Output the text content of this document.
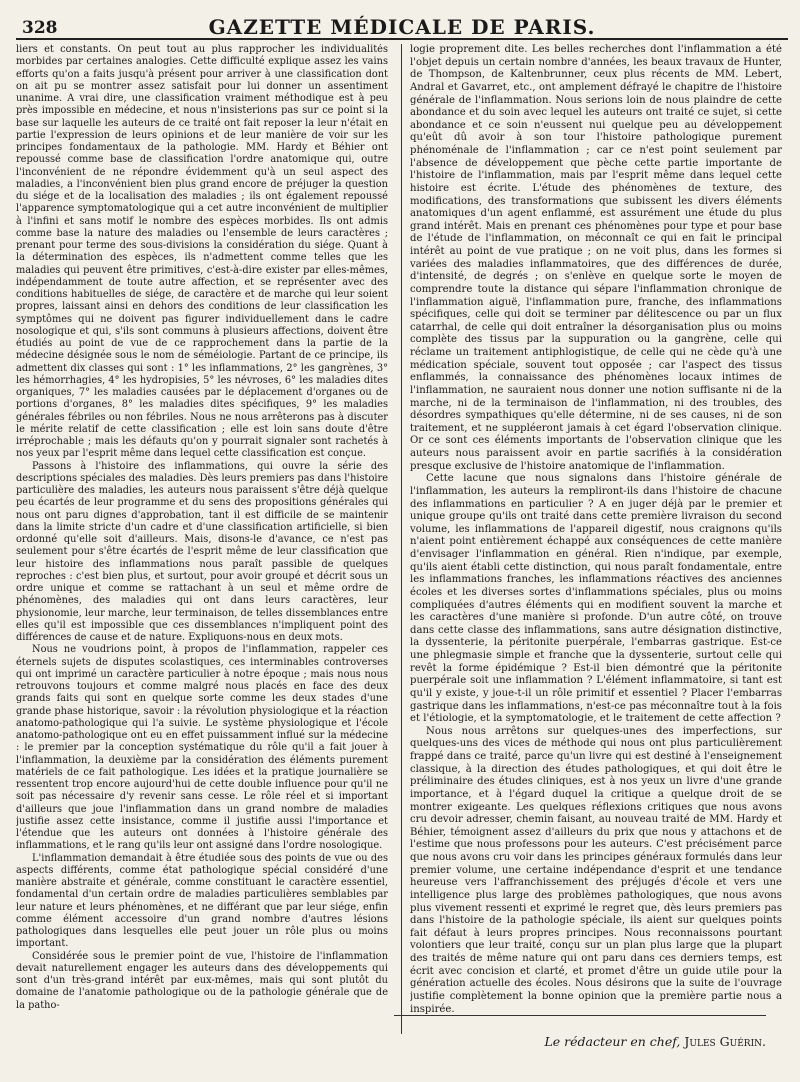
328	GAZETTE MÉDICALE DE PARIS.

liers et constants. On peut tout au plus rapprocher les individualités morbides par certaines analogies. Cette difficulté explique assez les vains efforts qu'on a faits jusqu'à présent pour arriver à une classification dont on ait pu se montrer assez satisfait pour lui donner un assentiment unanime. A vrai dire, une classification vraiment méthodique est à peu près impossible en médecine, et nous n'insisterions pas sur ce point si la base sur laquelle les auteurs de ce traité ont fait reposer la leur n'était en partie l'expression de leurs opinions et de leur manière de voir sur les principes fondamentaux de la pathologie. MM. Hardy et Béhier ont repoussé comme base de classification l'ordre anatomique qui, outre l'inconvénient de ne répondre évidemment qu'à un seul aspect des maladies, a l'inconvénient bien plus grand encore de préjuger la question du siége et de la localisation des maladies ; ils ont également repoussé l'apparence symptomatologique qui a cet autre inconvénient de multiplier à l'infini et sans motif le nombre des espèces morbides. Ils ont admis comme base la nature des maladies ou l'ensemble de leurs caractères ; prenant pour terme des sous-divisions la considération du siége. Quant à la détermination des espèces, ils n'admettent comme telles que les maladies qui peuvent être primitives, c'est-à-dire exister par elles-mêmes, indépendamment de toute autre affection, et se représenter avec des conditions habituelles de siége, de caractère et de marche qui leur soient propres, laissant ainsi en dehors des conditions de leur classification les symptômes qui ne doivent pas figurer individuellement dans le cadre nosologique et qui, s'ils sont communs à plusieurs affections, doivent être étudiés au point de vue de ce rapprochement dans la partie de la médecine désignée sous le nom de séméiologie. Partant de ce principe, ils admettent dix classes qui sont : 1° les inflammations, 2° les gangrènes, 3° les hémorrhagies, 4° les hydropisies, 5° les névroses, 6° les maladies dites organiques, 7° les maladies causées par le déplacement d'organes ou de portions d'organes, 8° les maladies dites spécifiques, 9° les maladies générales fébriles ou non fébriles. Nous ne nous arrêterons pas à discuter le mérite relatif de cette classification ; elle est loin sans doute d'être irréprochable ; mais les défauts qu'on y pourrait signaler sont rachetés à nos yeux par l'esprit même dans lequel cette classification est conçue.

Passons à l'histoire des inflammations, qui ouvre la série des descriptions spéciales des maladies. Dès leurs premiers pas dans l'histoire particulière des maladies, les auteurs nous paraissent s'être déjà quelque peu écartés de leur programme et du sens des propositions générales qui nous ont paru dignes d'approbation, tant il est difficile de se maintenir dans la limite stricte d'un cadre et d'une classification artificielle, si bien ordonné qu'elle soit d'ailleurs. Mais, disons-le d'avance, ce n'est pas seulement pour s'être écartés de l'esprit même de leur classification que leur histoire des inflammations nous paraît passible de quelques reproches : c'est bien plus, et surtout, pour avoir groupé et décrit sous un ordre unique et comme se rattachant à un seul et même ordre de phénomènes, des maladies qui ont dans leurs caractères, leur physionomie, leur marche, leur terminaison, de telles dissemblances entre elles qu'il est impossible que ces dissemblances n'impliquent point des différences de cause et de nature. Expliquons-nous en deux mots.

Nous ne voudrions point, à propos de l'inflammation, rappeler ces éternels sujets de disputes scolastiques, ces interminables controverses qui ont imprimé un caractère particulier à notre époque ; mais nous nous retrouvons toujours et comme malgré nous placés en face des deux grands faits qui sont en quelque sorte comme les deux stades d'une grande phase historique, savoir : la révolution physiologique et la réaction anatomo-pathologique qui l'a suivie. Le système physiologique et l'école anatomo-pathologique ont eu en effet puissamment influé sur la médecine : le premier par la conception systématique du rôle qu'il a fait jouer à l'inflammation, la deuxième par la considération des éléments purement matériels de ce fait pathologique. Les idées et la pratique journalière se ressentent trop encore aujourd'hui de cette double influence pour qu'il ne soit pas nécessaire d'y revenir sans cesse. Le rôle réel et si important d'ailleurs que joue l'inflammation dans un grand nombre de maladies justifie assez cette insistance, comme il justifie aussi l'importance et l'étendue que les auteurs ont données à l'histoire générale des inflammations, et le rang qu'ils leur ont assigné dans l'ordre nosologique.

L'inflammation demandait à être étudiée sous des points de vue ou des aspects différents, comme état pathologique spécial considéré d'une manière abstraite et générale, comme constituant le caractère essentiel, fondamental d'un certain ordre de maladies particulières semblables par leur nature et leurs phénomènes, et ne différant que par leur siége, enfin comme élément accessoire d'un grand nombre d'autres lésions pathologiques dans lesquelles elle peut jouer un rôle plus ou moins important.

Considérée sous le premier point de vue, l'histoire de l'inflammation devait naturellement engager les auteurs dans des développements qui sont d'un très-grand intérêt par eux-mêmes, mais qui sont plutôt du domaine de l'anatomie pathologique ou de la pathologie générale que de la patho-

logie proprement dite. Les belles recherches dont l'inflammation a été l'objet depuis un certain nombre d'années, les beaux travaux de Hunter, de Thompson, de Kaltenbrunner, ceux plus récents de MM. Lebert, Andral et Gavarret, etc., ont amplement défrayé le chapitre de l'histoire générale de l'inflammation. Nous serions loin de nous plaindre de cette abondance et du soin avec lequel les auteurs ont traité ce sujet, si cette abondance et ce soin n'eussent nui quelque peu au développement qu'eût dû avoir à son tour l'histoire pathologique purement phénoménale de l'inflammation ; car ce n'est point seulement par l'absence de développement que pèche cette partie importante de l'histoire de l'inflammation, mais par l'esprit même dans lequel cette histoire est écrite. L'étude des phénomènes de texture, des modifications, des transformations que subissent les divers éléments anatomiques d'un agent enflammé, est assurément une étude du plus grand intérêt. Mais en prenant ces phénomènes pour type et pour base de l'étude de l'inflammation, on méconnaît ce qui en fait le principal intérêt au point de vue pratique ; on ne voit plus, dans les formes si variées des maladies inflammatoires, que des différences de durée, d'intensité, de degrés ; on s'enlève en quelque sorte le moyen de comprendre toute la distance qui sépare l'inflammation chronique de l'inflammation aiguë, l'inflammation pure, franche, des inflammations spécifiques, celle qui doit se terminer par délitescence ou par un flux catarrhal, de celle qui doit entraîner la désorganisation plus ou moins complète des tissus par la suppuration ou la gangrène, celle qui réclame un traitement antiphlogistique, de celle qui ne cède qu'à une médication spéciale, souvent tout opposée ; car l'aspect des tissus enflammés, la connaissance des phénomènes locaux intimes de l'inflammation, ne sauraient nous donner une notion suffisante ni de la marche, ni de la terminaison de l'inflammation, ni des troubles, des désordres sympathiques qu'elle détermine, ni de ses causes, ni de son traitement, et ne suppléeront jamais à cet égard l'observation clinique. Or ce sont ces éléments importants de l'observation clinique que les auteurs nous paraissent avoir en partie sacrifiés à la considération presque exclusive de l'histoire anatomique de l'inflammation.

Cette lacune que nous signalons dans l'histoire générale de l'inflammation, les auteurs la rempliront-ils dans l'histoire de chacune des inflammations en particulier ? A en juger déjà par le premier et unique groupe qu'ils ont traité dans cette première livraison du second volume, les inflammations de l'appareil digestif, nous craignons qu'ils n'aient point entièrement échappé aux conséquences de cette manière d'envisager l'inflammation en général. Rien n'indique, par exemple, qu'ils aient établi cette distinction, qui nous paraît fondamentale, entre les inflammations franches, les inflammations réactives des anciennes écoles et les diverses sortes d'inflammations spéciales, plus ou moins compliquées d'autres éléments qui en modifient souvent la marche et les caractères d'une manière si profonde. D'un autre côté, on trouve dans cette classe des inflammations, sans autre désignation distinctive, la dyssenterie, la péritonite puerpérale, l'embarras gastrique. Est-ce une phlegmasie simple et franche que la dyssenterie, surtout celle qui revêt la forme épidémique ? Est-il bien démontré que la péritonite puerpérale soit une inflammation ? L'élément inflammatoire, si tant est qu'il y existe, y joue-t-il un rôle primitif et essentiel ? Placer l'embarras gastrique dans les inflammations, n'est-ce pas méconnaître tout à la fois et l'étiologie, et la symptomatologie, et le traitement de cette affection ?

Nous nous arrêtons sur quelques-unes des imperfections, sur quelques-uns des vices de méthode qui nous ont plus particulièrement frappé dans ce traité, parce qu'un livre qui est destiné à l'enseignement classique, à la direction des études pathologiques, et qui doit être le préliminaire des études cliniques, est à nos yeux un livre d'une grande importance, et à l'égard duquel la critique a quelque droit de se montrer exigeante. Les quelques réflexions critiques que nous avons cru devoir adresser, chemin faisant, au nouveau traité de MM. Hardy et Béhier, témoignent assez d'ailleurs du prix que nous y attachons et de l'estime que nous professons pour les auteurs. C'est précisément parce que nous avons cru voir dans les principes généraux formulés dans leur premier volume, une certaine indépendance d'esprit et une tendance heureuse vers l'affranchissement des préjugés d'école et vers une intelligence plus large des problèmes pathologiques, que nous avons plus vivement ressenti et exprimé le regret que, dès leurs premiers pas dans l'histoire de la pathologie spéciale, ils aient sur quelques points fait défaut à leurs propres principes. Nous reconnaissons pourtant volontiers que leur traité, conçu sur un plan plus large que la plupart des traités de même nature qui ont paru dans ces derniers temps, est écrit avec concision et clarté, et promet d'être un guide utile pour la génération actuelle des écoles. Nous désirons que la suite de l'ouvrage justifie complètement la bonne opinion que la première partie nous a inspirée.

Le rédacteur en chef, Jules Guérin.
